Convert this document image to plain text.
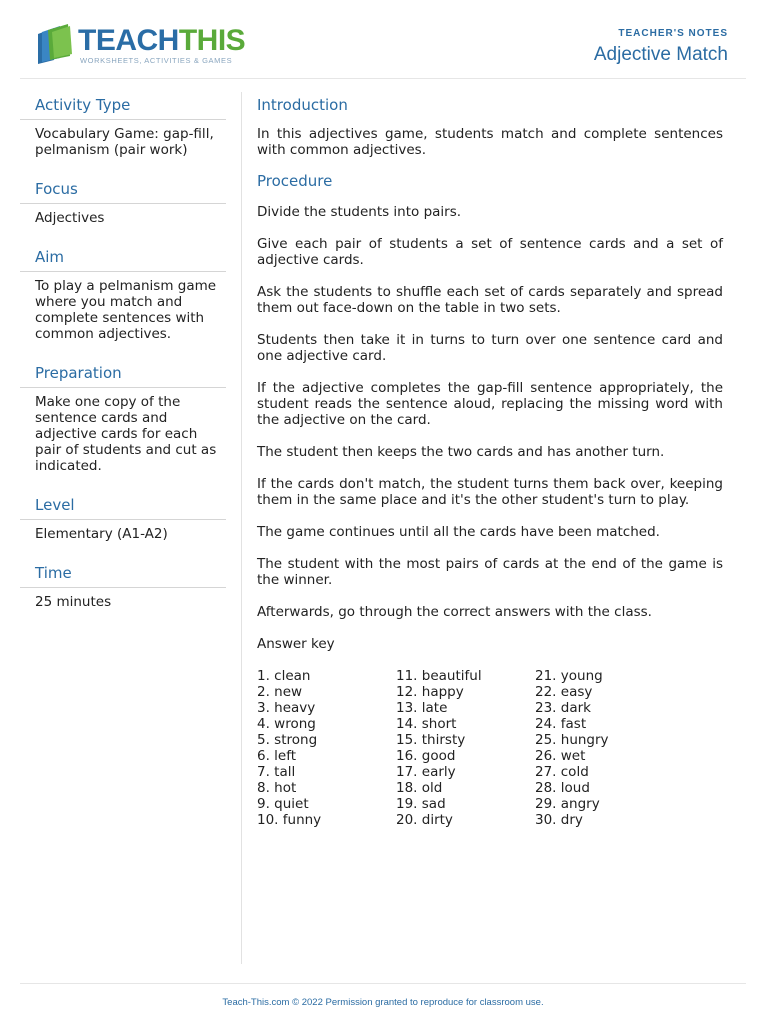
TEACHTHIS
WORKSHEETS, ACTIVITIES & GAMES
TEACHER'S NOTES
Adjective Match
Activity Type
Vocabulary Game: gap-fill, pelmanism (pair work)
Focus
Adjectives
Aim
To play a pelmanism game where you match and complete sentences with common adjectives.
Preparation
Make one copy of the sentence cards and adjective cards for each pair of students and cut as indicated.
Level
Elementary (A1-A2)
Time
25 minutes
Introduction

In this adjectives game, students match and complete sentences with common adjectives.

Procedure

Divide the students into pairs.

Give each pair of students a set of sentence cards and a set of adjective cards.

Ask the students to shuffle each set of cards separately and spread them out face-down on the table in two sets.

Students then take it in turns to turn over one sentence card and one adjective card.

If the adjective completes the gap-fill sentence appropriately, the student reads the sentence aloud, replacing the missing word with the adjective on the card.

The student then keeps the two cards and has another turn.

If the cards don't match, the student turns them back over, keeping them in the same place and it's the other student's turn to play.

The game continues until all the cards have been matched.

The student with the most pairs of cards at the end of the game is the winner.

Afterwards, go through the correct answers with the class.

Answer key
1. clean
2. new
3. heavy
4. wrong
5. strong
6. left
7. tall
8. hot
9. quiet
10. funny
11. beautiful
12. happy
13. late
14. short
15. thirsty
16. good
17. early
18. old
19. sad
20. dirty
21. young
22. easy
23. dark
24. fast
25. hungry
26. wet
27. cold
28. loud
29. angry
30. dry
Teach-This.com © 2022 Permission granted to reproduce for classroom use.
